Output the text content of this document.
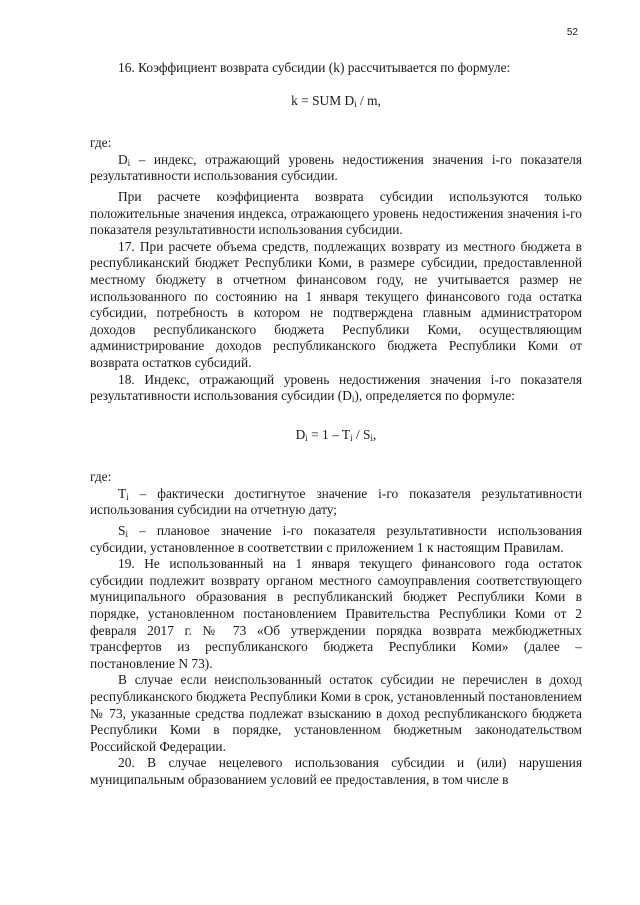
52

16. Коэффициент возврата субсидии (k) рассчитывается по формуле:

k = SUM $D_i$ / m,

где:

$D_i$ – индекс, отражающий уровень недостижения значения i-го показателя результативности использования субсидии.

При расчете коэффициента возврата субсидии используются только положительные значения индекса, отражающего уровень недостижения значения i-го показателя результативности использования субсидии.

17. При расчете объема средств, подлежащих возврату из местного бюджета в республиканский бюджет Республики Коми, в размере субсидии, предоставленной местному бюджету в отчетном финансовом году, не учитывается размер не использованного по состоянию на 1 января текущего финансового года остатка субсидии, потребность в котором не подтверждена главным администратором доходов республиканского бюджета Республики Коми, осуществляющим администрирование доходов республиканского бюджета Республики Коми от возврата остатков субсидий.

18. Индекс, отражающий уровень недостижения значения i-го показателя результативности использования субсидии $(D_i)$, определяется по формуле:

$D_i = 1 - T_i / S_i$,

где:

$T_i$ – фактически достигнутое значение i-го показателя результативности использования субсидии на отчетную дату;

$S_i$ – плановое значение i-го показателя результативности использования субсидии, установленное в соответствии с приложением 1 к настоящим Правилам.

19. Не использованный на 1 января текущего финансового года остаток субсидии подлежит возврату органом местного самоуправления соответствующего муниципального образования в республиканский бюджет Республики Коми в порядке, установленном постановлением Правительства Республики Коми от 2 февраля 2017 г. № 73 «Об утверждении порядка возврата межбюджетных трансфертов из республиканского бюджета Республики Коми» (далее – постановление N 73).

В случае если неиспользованный остаток субсидии не перечислен в доход республиканского бюджета Республики Коми в срок, установленный постановлением № 73, указанные средства подлежат взысканию в доход республиканского бюджета Республики Коми в порядке, установленном бюджетным законодательством Российской Федерации.

20. В случае нецелевого использования субсидии и (или) нарушения муниципальным образованием условий ее предоставления, в том числе в
